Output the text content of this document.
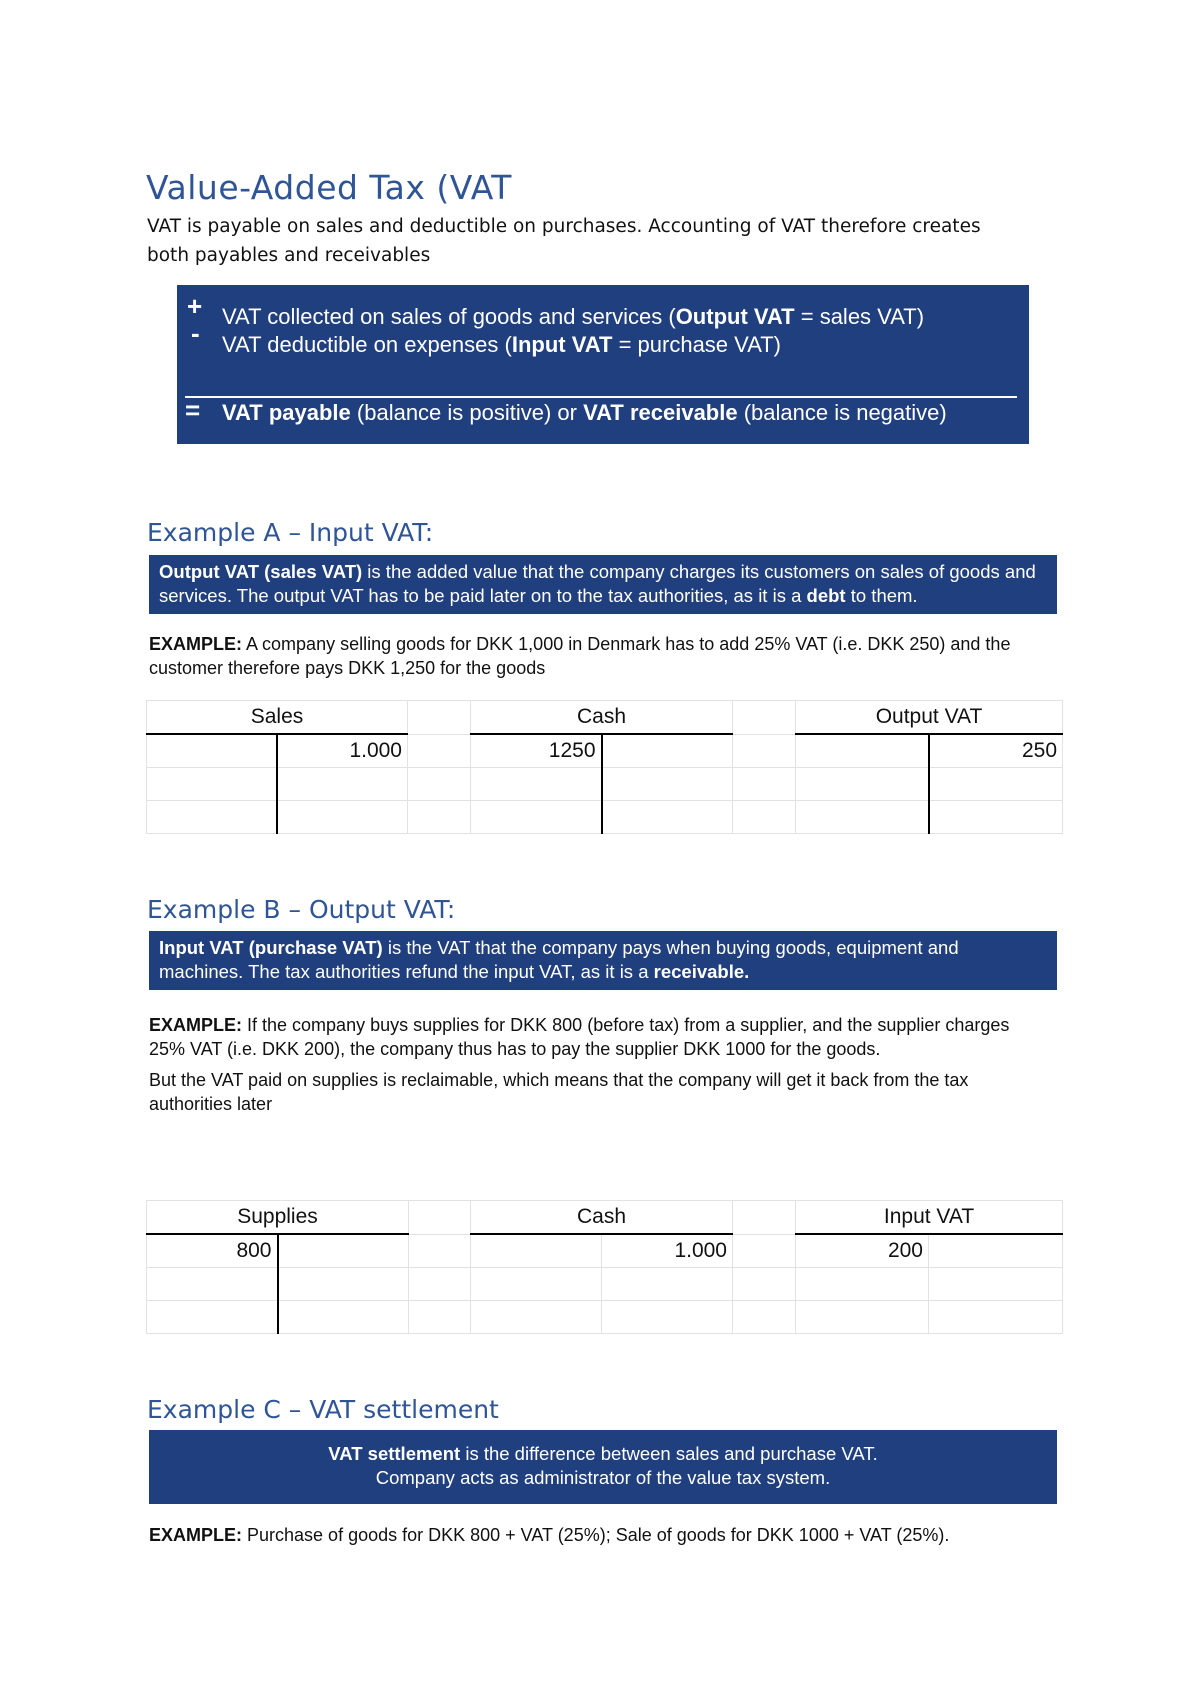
Value-Added Tax (VAT
VAT is payable on sales and deductible on purchases. Accounting of VAT therefore creates both payables and receivables
+ VAT collected on sales of goods and services (Output VAT = sales VAT)
- VAT deductible on expenses (Input VAT = purchase VAT)
= VAT payable (balance is positive) or VAT receivable (balance is negative)
Example A – Input VAT:
Output VAT (sales VAT) is the added value that the company charges its customers on sales of goods and services. The output VAT has to be paid later on to the tax authorities, as it is a debt to them.
EXAMPLE: A company selling goods for DKK 1,000 in Denmark has to add 25% VAT (i.e. DKK 250) and the customer therefore pays DKK 1,250 for the goods
Sales			Cash			Output VAT	
	1.000		1250				250

Example B – Output VAT:
Input VAT (purchase VAT) is the VAT that the company pays when buying goods, equipment and machines. The tax authorities refund the input VAT, as it is a receivable.
EXAMPLE: If the company buys supplies for DKK 800 (before tax) from a supplier, and the supplier charges 25% VAT (i.e. DKK 200), the company thus has to pay the supplier DKK 1000 for the goods.
But the VAT paid on supplies is reclaimable, which means that the company will get it back from the tax authorities later
Supplies			Cash			Input VAT	
800				1.000		200	

Example C – VAT settlement
VAT settlement is the difference between sales and purchase VAT.
Company acts as administrator of the value tax system.
EXAMPLE: Purchase of goods for DKK 800 + VAT (25%); Sale of goods for DKK 1000 + VAT (25%).
